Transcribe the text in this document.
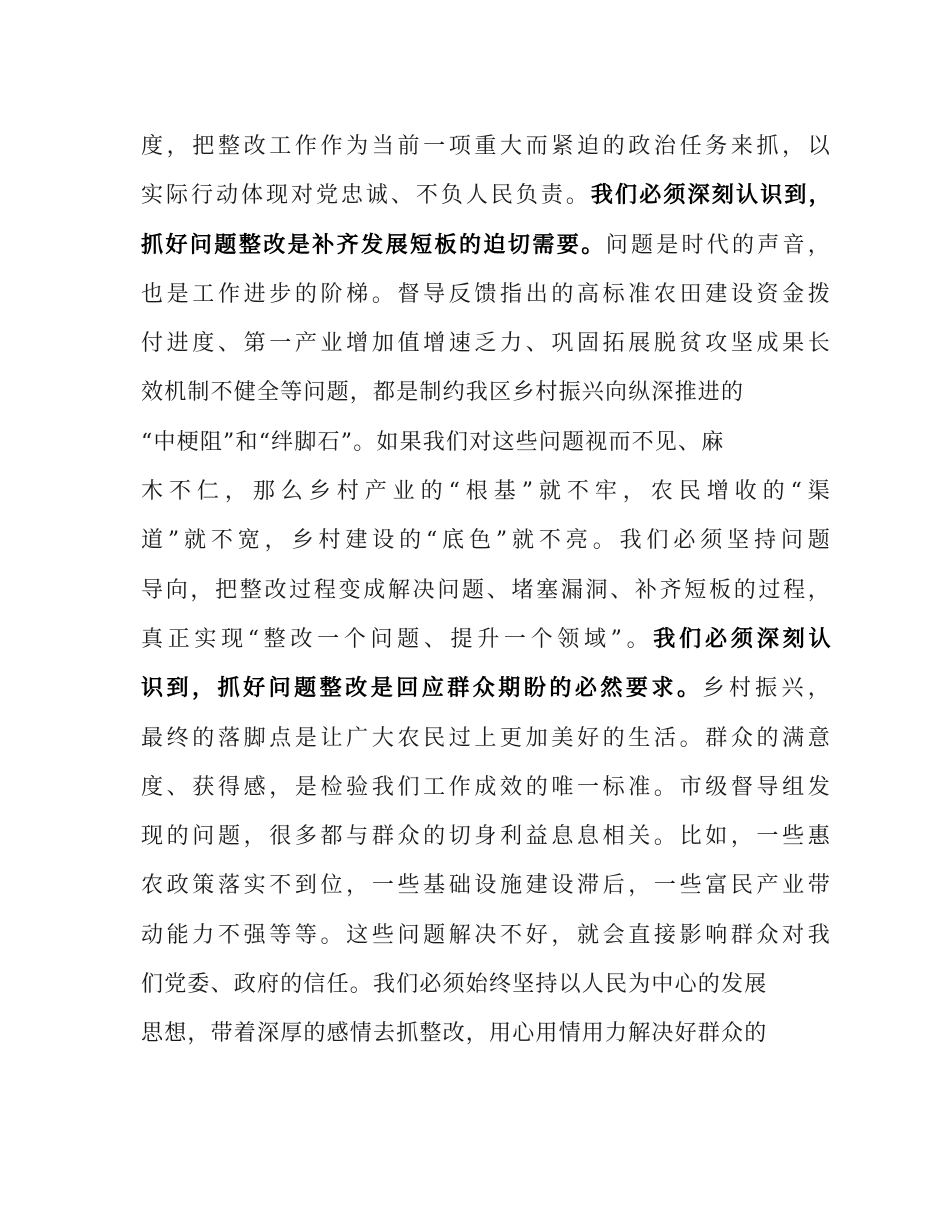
度，把整改工作作为当前一项重大而紧迫的政治任务来抓，以
实际行动体现对党忠诚、不负人民负责。我们必须深刻认识到，
抓好问题整改是补齐发展短板的迫切需要。问题是时代的声音，
也是工作进步的阶梯。督导反馈指出的高标准农田建设资金拨
付进度、第一产业增加值增速乏力、巩固拓展脱贫攻坚成果长
效机制不健全等问题，都是制约我区乡村振兴向纵深推进的
“中梗阻”和“绊脚石”。如果我们对这些问题视而不见、麻
木不仁，那么乡村产业的“根基”就不牢，农民增收的“渠
道”就不宽，乡村建设的“底色”就不亮。我们必须坚持问题
导向，把整改过程变成解决问题、堵塞漏洞、补齐短板的过程，
真正实现“整改一个问题、提升一个领域”。我们必须深刻认
识到，抓好问题整改是回应群众期盼的必然要求。乡村振兴，
最终的落脚点是让广大农民过上更加美好的生活。群众的满意
度、获得感，是检验我们工作成效的唯一标准。市级督导组发
现的问题，很多都与群众的切身利益息息相关。比如，一些惠
农政策落实不到位，一些基础设施建设滞后，一些富民产业带
动能力不强等等。这些问题解决不好，就会直接影响群众对我
们党委、政府的信任。我们必须始终坚持以人民为中心的发展
思想，带着深厚的感情去抓整改，用心用情用力解决好群众的
